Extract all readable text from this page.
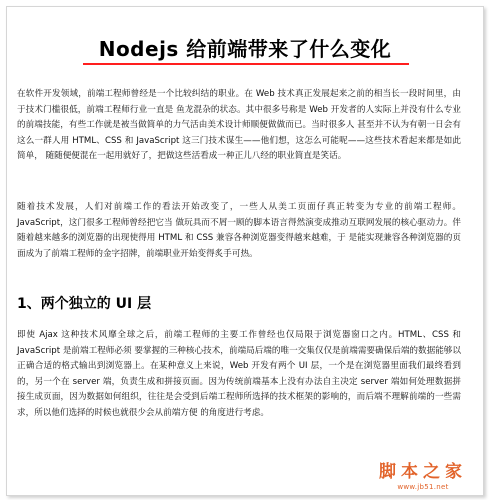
Nodejs 给前端带来了什么变化

在软件开发领域，前端工程师曾经是一个比较纠结的职业。在 Web 技术真正发展起来之前的相当长一段时间里，由于技术门槛很低，前端工程师行业一直是 鱼龙混杂的状态。其中很多号称是 Web 开发者的人实际上并没有什么专业的前端技能，有些工作就是被当做简单的力气活由美术设计师顺便做做而已。当时很多人 甚至并不认为有朝一日会有这么一群人用 HTML、CSS 和 JavaScript 这三门技术谋生——他们想，这怎么可能呢——这些技术看起来都是如此简单， 随随便便混在一起用就好了，把做这些活看成一种正儿八经的职业简直是笑话。

随着技术发展，人们对前端工作的看法开始改变了，一些人从美工页面仔真正转变为专业的前端工程师。JavaScript，这门很多工程师曾经把它当 做玩具而不屑一顾的脚本语言得然演变成推动互联网发展的核心驱动力。伴随着越来越多的浏览器的出现使得用 HTML 和 CSS 兼容各种浏览器变得越来越难，于 是能实现兼容各种浏览器的页面成为了前端工程师的金字招牌，前端职业开始变得炙手可热。

1、两个独立的 UI 层

即使 Ajax 这种技术风靡全球之后，前端工程师的主要工作曾经也仅局限于浏览器窗口之内。HTML、CSS 和 JavaScript 是前端工程师必须 要掌握的三种核心技术，前端局后端的唯一交集仅仅是前端需要确保后端的数据能够以正确合适的格式输出到浏览器上。在某种意义上来说，Web 开发有两个 UI 层，一个是在浏览器里面我们最终看到的，另一个在 server 端，负责生成和拼接页面。因为传统前端基本上没有办法自主决定 server 端如何处理数据拼 接生成页面，因为数据如何组织，往往是会受到后端工程师所选择的技术框架的影响的，而后端不理解前端的一些需求，所以他们选择的时候也就很少会从前端方便 的角度进行考虑。

脚本之家
www.jb51.net
